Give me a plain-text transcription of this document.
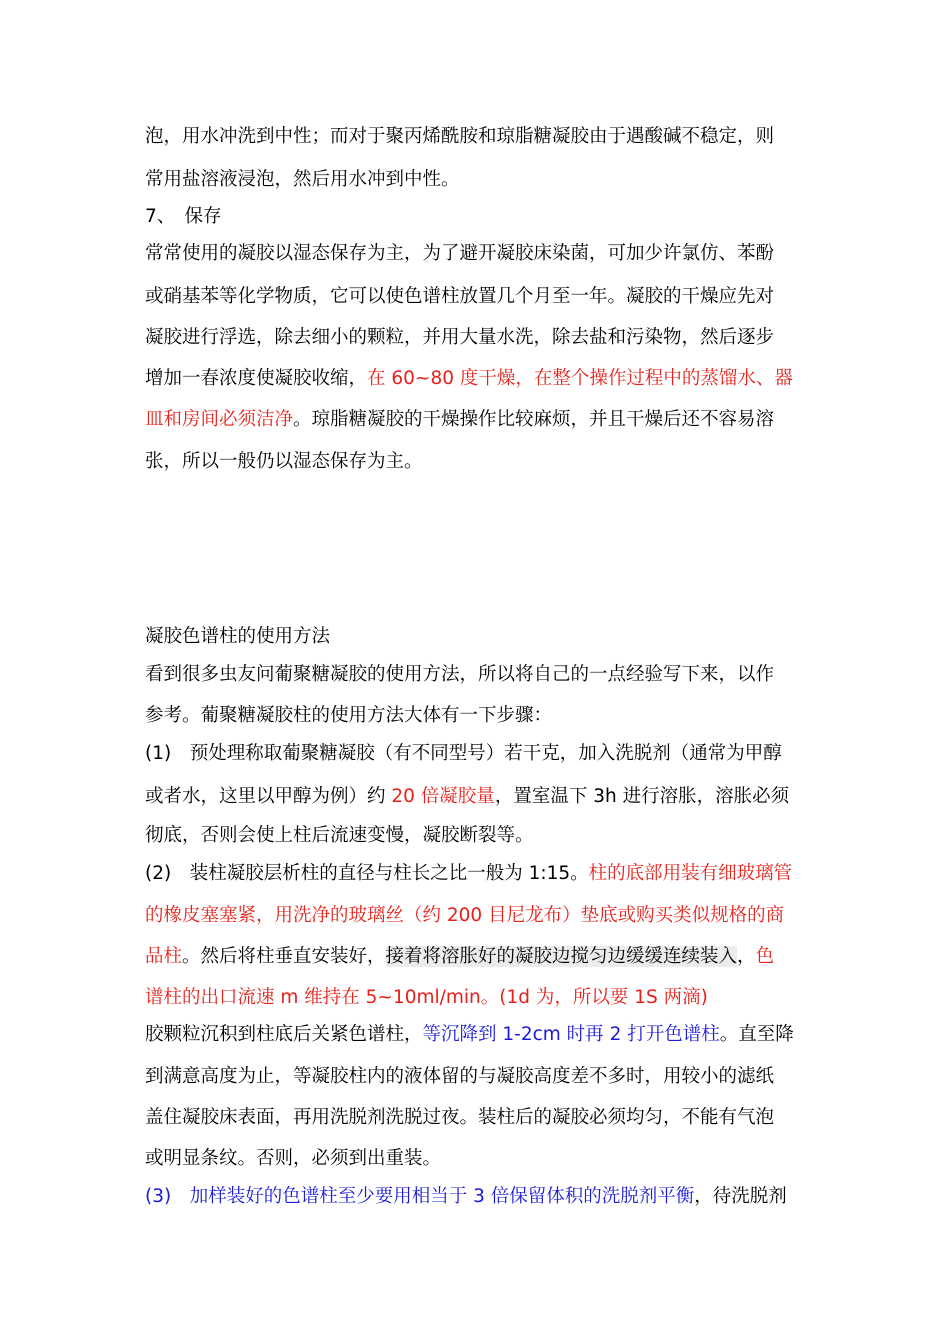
泡，用水冲洗到中性；而对于聚丙烯酰胺和琼脂糖凝胶由于遇酸碱不稳定，则
常用盐溶液浸泡，然后用水冲到中性。
7、　保存
常常使用的凝胶以湿态保存为主，为了避开凝胶床染菌，可加少许氯仿、苯酚
或硝基苯等化学物质，它可以使色谱柱放置几个月至一年。凝胶的干燥应先对
凝胶进行浮选，除去细小的颗粒，并用大量水洗，除去盐和污染物，然后逐步
增加一春浓度使凝胶收缩，在 60~80 度干燥，在整个操作过程中的蒸馏水、器
皿和房间必须洁净。琼脂糖凝胶的干燥操作比较麻烦，并且干燥后还不容易溶
张，所以一般仍以湿态保存为主。
凝胶色谱柱的使用方法
看到很多虫友问葡聚糖凝胶的使用方法，所以将自己的一点经验写下来，以作
参考。葡聚糖凝胶柱的使用方法大体有一下步骤：
(1)　预处理称取葡聚糖凝胶（有不同型号）若干克，加入洗脱剂（通常为甲醇
或者水，这里以甲醇为例）约 20 倍凝胶量，置室温下 3h 进行溶胀，溶胀必须
彻底，否则会使上柱后流速变慢，凝胶断裂等。
(2)　装柱凝胶层析柱的直径与柱长之比一般为 1:15。柱的底部用装有细玻璃管
的橡皮塞塞紧，用洗净的玻璃丝（约 200 目尼龙布）垫底或购买类似规格的商
品柱。然后将柱垂直安装好，接着将溶胀好的凝胶边搅匀边缓缓连续装入，色
谱柱的出口流速 m 维持在 5~10ml/min。(1d 为，所以要 1S 两滴)
胶颗粒沉积到柱底后关紧色谱柱，等沉降到 1-2cm 时再 2 打开色谱柱。直至降
到满意高度为止，等凝胶柱内的液体留的与凝胶高度差不多时，用较小的滤纸
盖住凝胶床表面，再用洗脱剂洗脱过夜。装柱后的凝胶必须均匀，不能有气泡
或明显条纹。否则，必须到出重装。
(3)　加样装好的色谱柱至少要用相当于 3 倍保留体积的洗脱剂平衡，待洗脱剂
